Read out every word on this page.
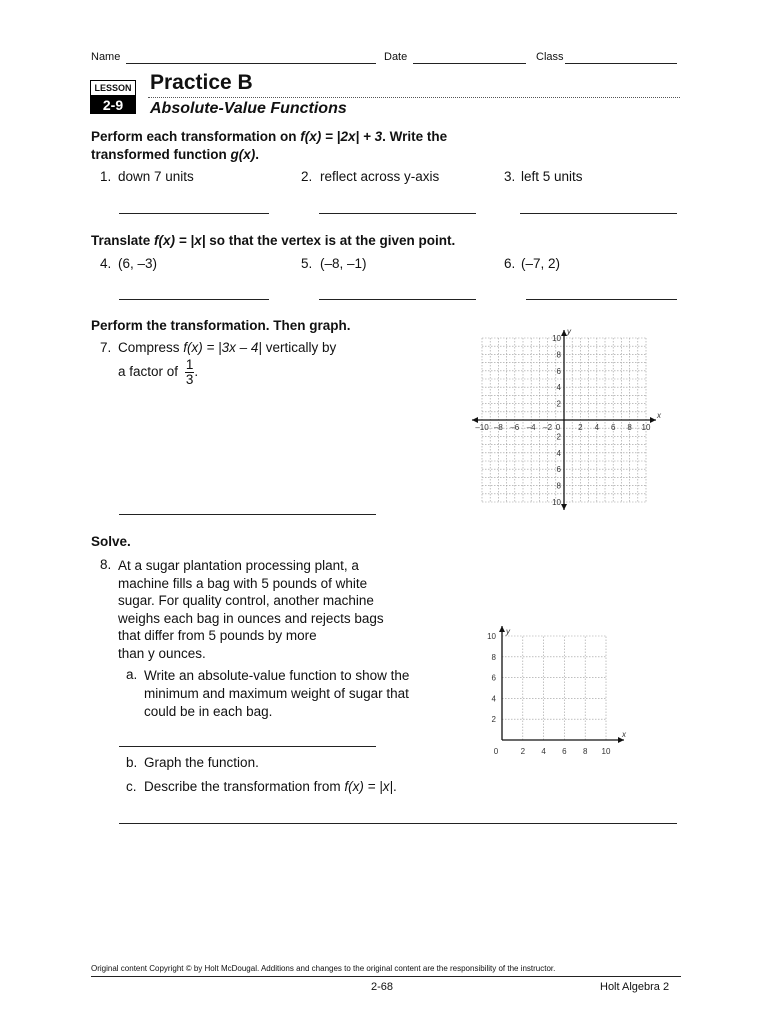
Name	Date	Class
LESSON
2-9
Practice B
Absolute-Value Functions
Perform each transformation on f(x) = |2x| + 3. Write the
transformed function g(x).
1. down 7 units	2. reflect across y-axis	3. left 5 units
Translate f(x) = |x| so that the vertex is at the given point.
4. (6, –3)	5. (–8, –1)	6. (–7, 2)
Perform the transformation. Then graph.
7. Compress f(x) = |3x – 4| vertically by
a factor of $\frac{1}{3}$ .
x
y
–10 –8 –6 –4 –2 0 2 4 6 8 10
2
4
6
8
10
2
4
6
8
10
Solve.
8. At a sugar plantation processing plant, a
machine fills a bag with 5 pounds of white
sugar. For quality control, another machine
weighs each bag in ounces and rejects bags
that differ from 5 pounds by more
than y ounces.
a. Write an absolute-value function to show the
minimum and maximum weight of sugar that
could be in each bag.
b. Graph the function.
c. Describe the transformation from f(x) = |x|.
x
y
0	2 4 6 8 10
2
4
6
8
10
Original content Copyright © by Holt McDougal. Additions and changes to the original content are the responsibility of the instructor.
2-68	Holt Algebra 2
